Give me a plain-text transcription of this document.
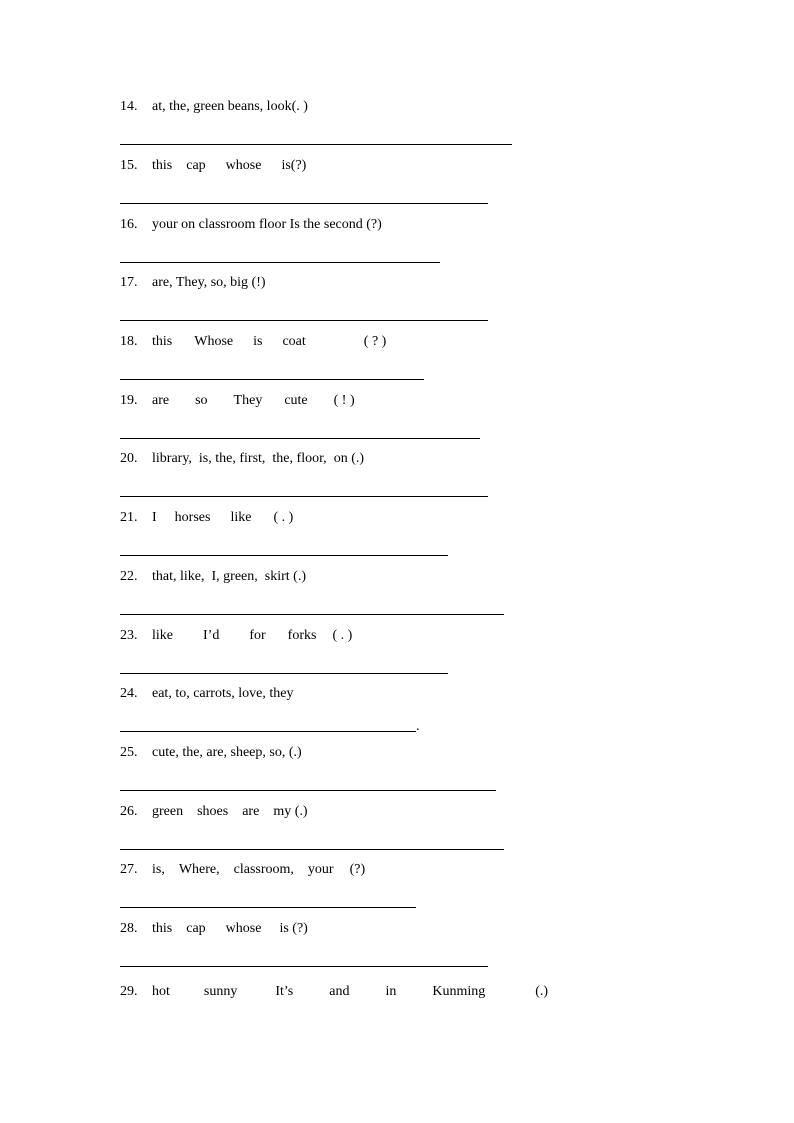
14. at, the, green beans, look(. )
15. this cap whose is(?)
16. your on classroom floor Is the second (?)
17. are, They, so, big (!)
18. this Whose is coat	( ? )
19. are so They cute ( ! )
20. library, is, the, first, the, floor, on (.)
21. I horses like ( . )
22. that, like, I, green, skirt (.)
23. like I’d for forks ( . )
24. eat, to, carrots, love, they
.
25. cute, the, are, sheep, so, (.)
26. green shoes are my (.)
27. is, Where, classroom, your (?)
28. this cap whose is (?)
29. hot sunny	It’s	and	in	Kunming	(.)
